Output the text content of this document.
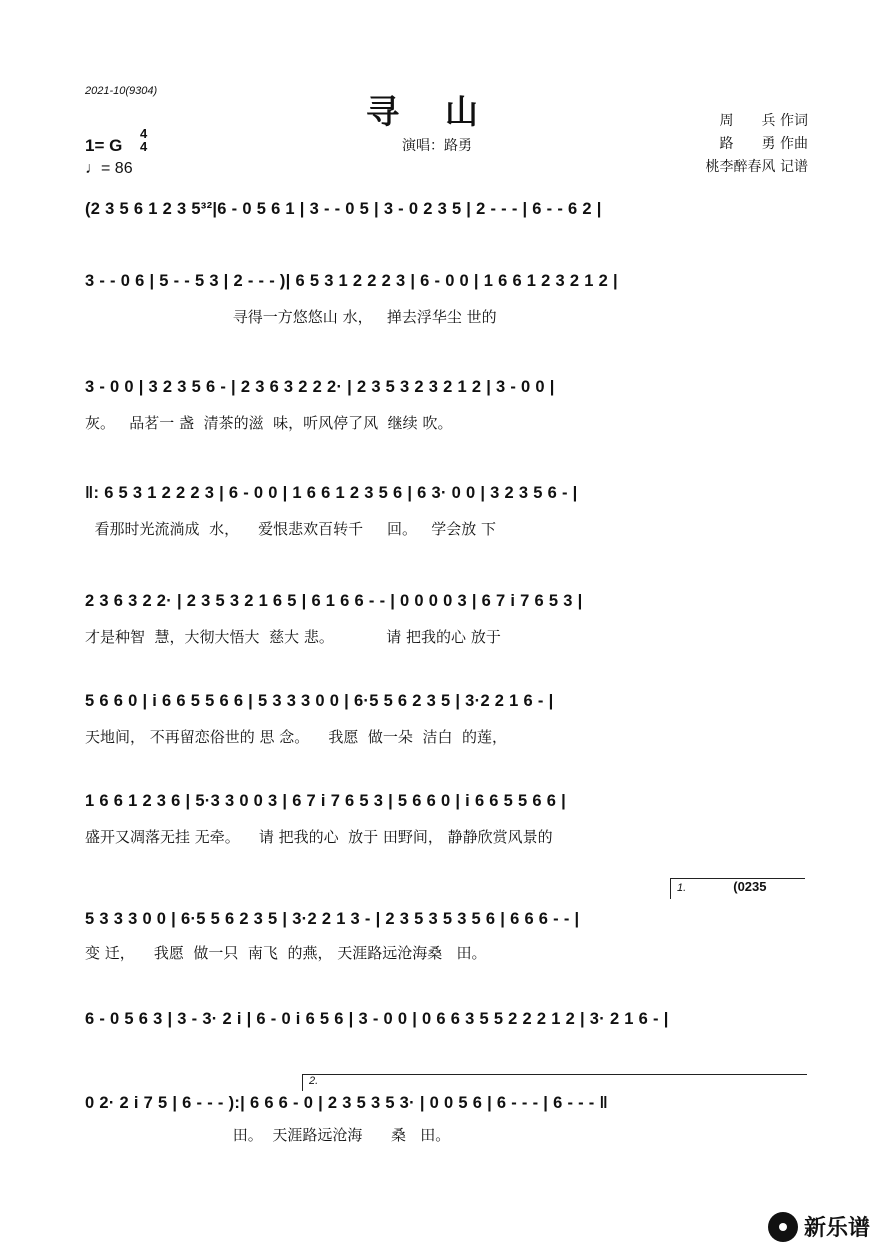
2021-10(9304)
寻山
演唱：路勇
周　　兵 作词
路　　勇 作曲
桃李醉春风 记谱
1= G
4
4
♩= 86
(2 3 5 6 1 2 3 5³²|6 - 0 5 6 1 | 3 - - 0 5 | 3 - 0 2 3 5 | 2 - - - | 6 - - 6 2 |
3 - - 0 6 | 5 - - 5 3 | 2 - - - )| 6 5 3 1 2 2 2 3 | 6 - 0 0 | 1 6 6 1 2 3 2 1 2 |
寻得一方悠悠山 水，   掸去浮华尘 世的
3 - 0 0 | 3 2 3 5 6 - | 2 3 6 3 2 2 2· | 2 3 5 3 2 3 2 1 2 | 3 - 0 0 |
灰。   品茗一 盏  清茶的滋  味，听风停了风  继续 吹。
‖: 6 5 3 1 2 2 2 3 | 6 - 0 0 | 1 6 6 1 2 3 5 6 | 6 3· 0 0 | 3 2 3 5 6 - |
看那时光流淌成  水，    爱恨悲欢百转千     回。   学会放 下
2 3 6 3 2 2· | 2 3 5 3 2 1 6 5 | 6 1 6 6 - - | 0 0 0 0 3 | 6 7 i 7 6 5 3 |
才是种智  慧，大彻大悟大  慈大 悲。           请 把我的心 放于
5 6 6 0 | i 6 6 5 5 6 6 | 5 3 3 3 0 0 | 6·5 5 6 2 3 5 | 3·2 2 1 6 - |
天地间， 不再留恋俗世的 思 念。    我愿  做一朵  洁白  的莲，
1 6 6 1 2 3 6 | 5·3 3 0 0 3 | 6 7 i 7 6 5 3 | 5 6 6 0 | i 6 6 5 5 6 6 |
盛开又凋落无挂 无牵。    请 把我的心  放于 田野间， 静静欣赏风景的
1.	(0235
5 3 3 3 0 0 | 6·5 5 6 2 3 5 | 3·2 2 1 3 - | 2 3 5 3 5 3 5 6 | 6 6 6 - - |
变 迁，    我愿  做一只  南飞  的燕， 天涯路远沧海桑   田。
6 - 0 5 6 3 | 3 - 3· 2 i | 6 - 0 i 6 5 6 | 3 - 0 0 | 0 6 6 3 5 5 2 2 2 1 2 | 3· 2 1 6 - |
2.
0 2· 2 i 7 5 | 6 - - - ):| 6 6 6 - 0 | 2 3 5 3 5 3· | 0 0 5 6 | 6 - - - | 6 - - - ‖
田。  天涯路远沧海      桑   田。
新乐谱
